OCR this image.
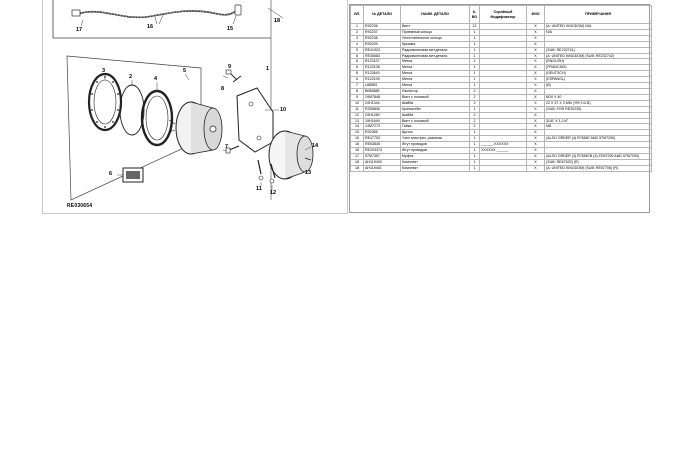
1
2
3
4
5
6
7
8
9
10
11
12
13
14
15
16
17
18
RE030654
ИЛ.	№ ДЕТАЛИ	НАИМ. ДЕТАЛИ	К-ВО	Серийный Модификатор	8000	ПРИМЕЧАНИЯ
1	R92236	Винт	12		X	(A: UNITED KINGDOM) N/A
2	R92237	Приемный кольцо	1		X	N/A
3	R92238	Уплотнительное кольцо	1		X	
4	R92239	Крышка	1		X	
5	RE41923	Радиоволновая мет.детали	1		X	(SUB: RE232741)
6	RE30683	Радиоволновая мет.детали	1		X	(A: UNITED KINGDOM) (SUB: RE232742)
6	R123107	Метка	1		X	(ENGLISH)
6	R123108	Метка	1		X	(FRANCAIS)
6	R123643	Метка	1		X	(DEUTSCH)
6	R122109	Метка	1		X	(ESPANOL)
7	L88583	Метка	1		X	(B)
8	B089888	Изолятор	2		X	
9	19M7846	Винт с головкой	2		X	M10 X 40
10	24H1344	Шайба	2		X	22 X 37 X 3 MM (YB+1/2-B)
11	R305808	Кронштейн	1		X	(SUB: FOR RE30239)
12	24H1280	Шайба	2		X	
13	19H1649	Винт с головкой	2		X	3/16" X 1-1/4"
14	14M7273	Гайка	1		X	M8
15	R92365	Щиток	1		X	
16	RE47753	Узел электрич. разъема	1		X	(ALSO ORDER (4) R76587 AND 57M7290)
16	RE63845	Жгут проводов	1	______-XXXXXX	X	
16	RE204374	Жгут проводов	1	XXXXXX-______	X	
17	57M7357	Муфта	1		X	(ALSO ORDER (3) R76587B (3) 57M7290 AND 57M7290)
18	AH119400	Комплект	1		X	(SUB: RE67520) (R)
18	AH119401	Комплект	1		X	(A: UNITED KINGDOM) (SUB: RE67706) (R)
